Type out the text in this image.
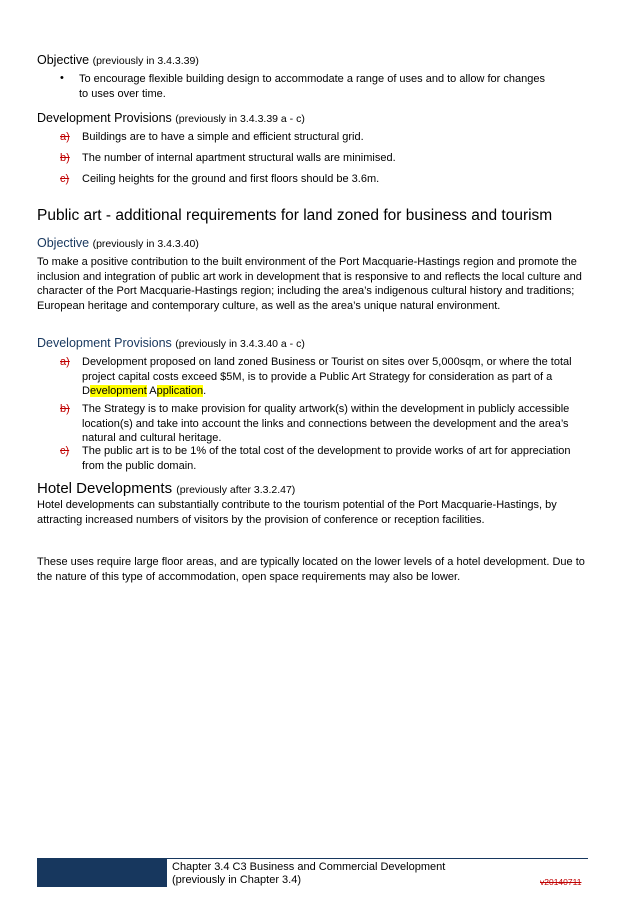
Objective (previously in 3.4.3.39)
• To encourage flexible building design to accommodate a range of uses and to allow for changes
to uses over time.
Development Provisions (previously in 3.4.3.39 a - c)
a) Buildings are to have a simple and efficient structural grid.
b) The number of internal apartment structural walls are minimised.
c) Ceiling heights for the ground and first floors should be 3.6m.
Public art - additional requirements for land zoned for business and tourism
Objective (previously in 3.4.3.40)
To make a positive contribution to the built environment of the Port Macquarie-Hastings region and promote the inclusion and integration of public art work in development that is responsive to and reflects the local culture and character of the Port Macquarie-Hastings region; including the area’s indigenous cultural history and traditions; European heritage and contemporary culture, as well as the area’s unique natural environment.
Development Provisions (previously in 3.4.3.40 a - c)
a) Development proposed on land zoned Business or Tourist on sites over 5,000sqm, or where the total project capital costs exceed $5M, is to provide a Public Art Strategy for consideration as part of a Development Application.
b) The Strategy is to make provision for quality artwork(s) within the development in publicly accessible location(s) and take into account the links and connections between the development and the area’s natural and cultural heritage.
c) The public art is to be 1% of the total cost of the development to provide works of art for appreciation from the public domain.
Hotel Developments (previously after 3.3.2.47)
Hotel developments can substantially contribute to the tourism potential of the Port Macquarie-Hastings, by attracting increased numbers of visitors by the provision of conference or reception facilities.
These uses require large floor areas, and are typically located on the lower levels of a hotel development. Due to the nature of this type of accommodation, open space requirements may also be lower.
Chapter 3.4 C3 Business and Commercial Development
(previously in Chapter 3.4)	v20140711
